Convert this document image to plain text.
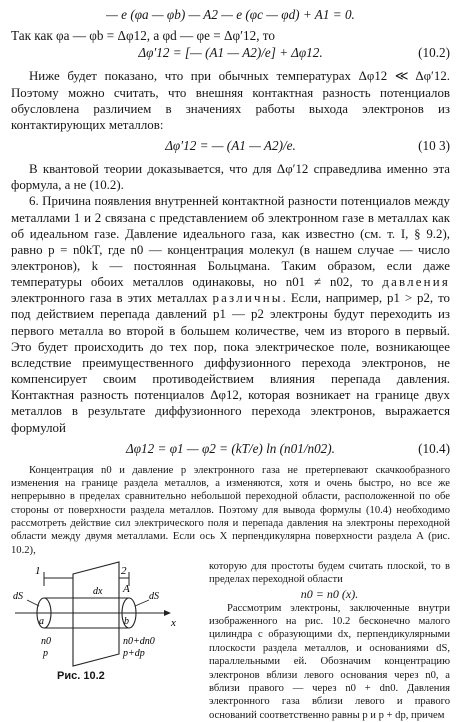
— e (φa — φb) — A2 — e (φc — φd) + A1 = 0.
Так как φa — φb = Δφ12, а φd — φe = Δφ′12, то
Δφ′12 = [— (A1 — A2)/e] + Δφ12.	(10.2)

Ниже будет показано, что при обычных температурах Δφ12 ≪ Δφ′12. Поэтому можно считать, что внешняя контактная разность потенциалов обусловлена различием в значениях работы выхода электронов из контактирующих металлов:

Δφ′12 = — (A1 — A2)/e.	(10 3)

В квантовой теории доказывается, что для Δφ′12 справедлива именно эта формула, а не (10.2).

6. Причина появления внутренней контактной разности потенциалов между металлами 1 и 2 связана с представлением об электронном газе в металлах как об идеальном газе. Давление идеального газа, как известно (см. т. I, § 9.2), равно p = n0kT, где n0 — концентрация молекул (в нашем случае — число электронов), k — постоянная Больцмана. Таким образом, если даже температуры обоих металлов одинаковы, но n01 ≠ n02, то давления электронного газа в этих металлах различны. Если, например, p1 > p2, то под действием перепада давлений p1 — p2 электроны будут переходить из первого металла во второй в большем количестве, чем из второго в первый. Это будет происходить до тех пор, пока электрическое поле, возникающее вследствие преимущественного диффузионного перехода электронов, не компенсирует своим противодействием влияния перепада давления. Контактная разность потенциалов Δφ12, которая возникает на границе двух металлов в результате диффузионного перехода электронов, выражается формулой

Δφ12 = φ1 — φ2 = (kT/e) ln (n01/n02).	(10.4)

Концентрация n0 и давление p электронного газа не претерпевают скачкообразного изменения на границе раздела металлов, а изменяются, хотя и очень быстро, но все же непрерывно в пределах сравнительно небольшой переходной области, расположенной по обе стороны от поверхности раздела металлов. Поэтому для вывода формулы (10.4) необходимо рассмотреть действие сил электрического поля и перепада давления на электроны переходной области между двумя металлами. Если ось X перпендикулярна поверхности раздела A (рис. 10.2),

1	2
A
dx
dS	dS
x
a	b
n0
p
n0+dn0
p+dp
Рис. 10.2

которую для простоты будем считать плоской, то в пределах переходной области

n0 = n0 (x).

Рассмотрим электроны, заключенные внутри изображенного на рис. 10.2 бесконечно малого цилиндра с образующими dx, перпендикулярными плоскости раздела металлов, и основаниями dS, параллельными ей. Обозначим концентрацию электронов вблизи левого основания через n0, а вблизи правого — через n0 + dn0. Давления электронного газа вблизи левого и правого оснований соответственно равны p и p + dp, причем
